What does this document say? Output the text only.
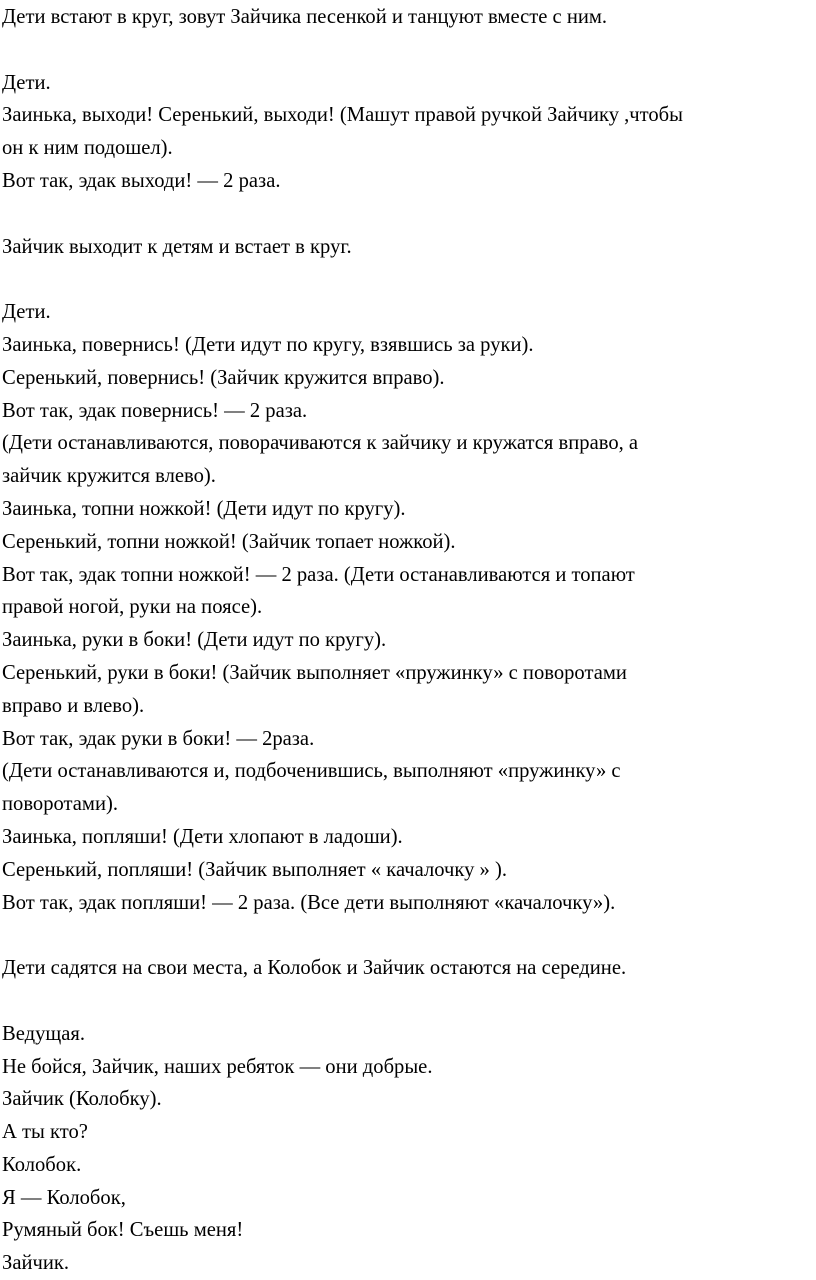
Дети встают в круг, зовут Зайчика песенкой и танцуют вместе с ним.
Дети.
Заинька, выходи! Серенький, выходи! (Машут правой ручкой Зайчику ,чтобы
он к ним подошел).
Вот так, эдак выходи! — 2 раза.
Зайчик выходит к детям и встает в круг.
Дети.
Заинька, повернись! (Дети идут по кругу, взявшись за руки).
Серенький, повернись! (Зайчик кружится вправо).
Вот так, эдак повернись! — 2 раза.
(Дети останавливаются, поворачиваются к зайчику и кружатся вправо, а
зайчик кружится влево).
Заинька, топни ножкой! (Дети идут по кругу).
Серенький, топни ножкой! (Зайчик топает ножкой).
Вот так, эдак топни ножкой! — 2 раза. (Дети останавливаются и топают
правой ногой, руки на поясе).
Заинька, руки в боки! (Дети идут по кругу).
Серенький, руки в боки! (Зайчик выполняет «пружинку» с поворотами
вправо и влево).
Вот так, эдак руки в боки! — 2раза.
(Дети останавливаются и, подбоченившись, выполняют «пружинку» с
поворотами).
Заинька, попляши! (Дети хлопают в ладоши).
Серенький, попляши! (Зайчик выполняет « качалочку » ).
Вот так, эдак попляши! — 2 раза. (Все дети выполняют «качалочку»).
Дети садятся на свои места, а Колобок и Зайчик остаются на середине.
Ведущая.
Не бойся, Зайчик, наших ребяток — они добрые.
Зайчик (Колобку).
А ты кто?
Колобок.
Я — Колобок,
Румяный бок! Съешь меня!
Зайчик.
